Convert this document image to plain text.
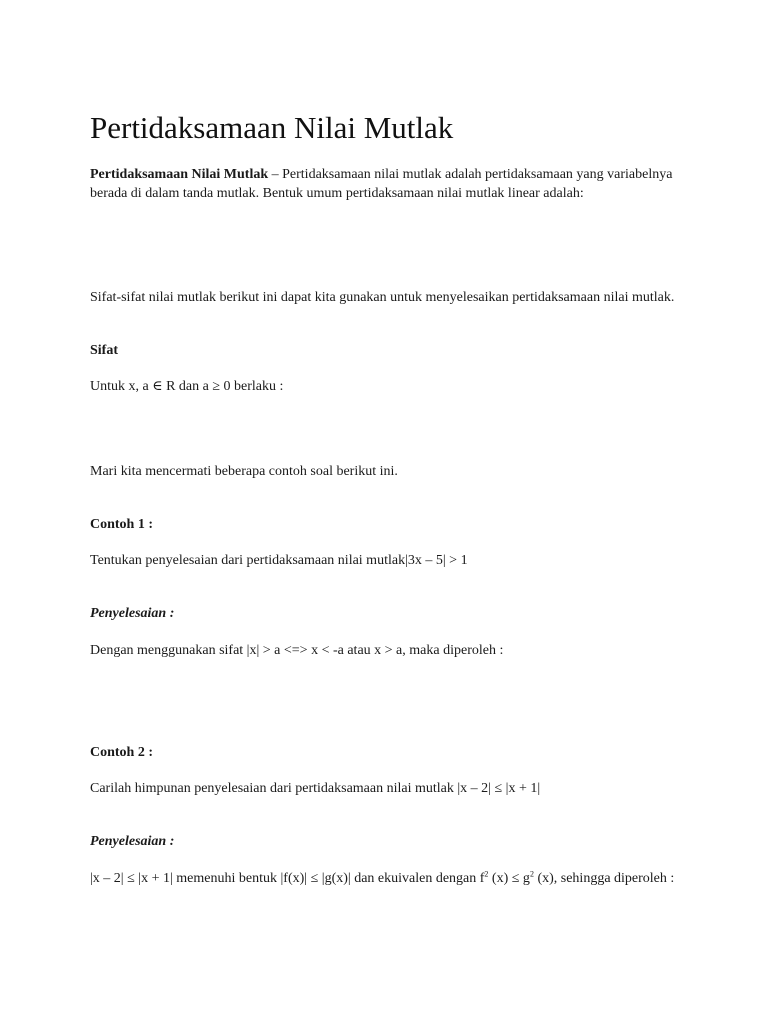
Pertidaksamaan Nilai Mutlak

Pertidaksamaan Nilai Mutlak – Pertidaksamaan nilai mutlak adalah pertidaksamaan yang variabelnya berada di dalam tanda mutlak. Bentuk umum pertidaksamaan nilai mutlak linear adalah:

Sifat-sifat nilai mutlak berikut ini dapat kita gunakan untuk menyelesaikan pertidaksamaan nilai mutlak.

Sifat

Untuk x, a ∈ R dan a ≥ 0 berlaku :

Mari kita mencermati beberapa contoh soal berikut ini.

Contoh 1 :

Tentukan penyelesaian dari pertidaksamaan nilai mutlak|3x – 5| > 1

Penyelesaian :

Dengan menggunakan sifat |x| > a <=> x < -a atau x > a, maka diperoleh :

Contoh 2 :

Carilah himpunan penyelesaian dari pertidaksamaan nilai mutlak |x – 2| ≤ |x + 1|

Penyelesaian :

|x – 2| ≤ |x + 1| memenuhi bentuk |f(x)| ≤ |g(x)| dan ekuivalen dengan $f^2$ $(x) \le g^2$ (x), sehingga diperoleh :
